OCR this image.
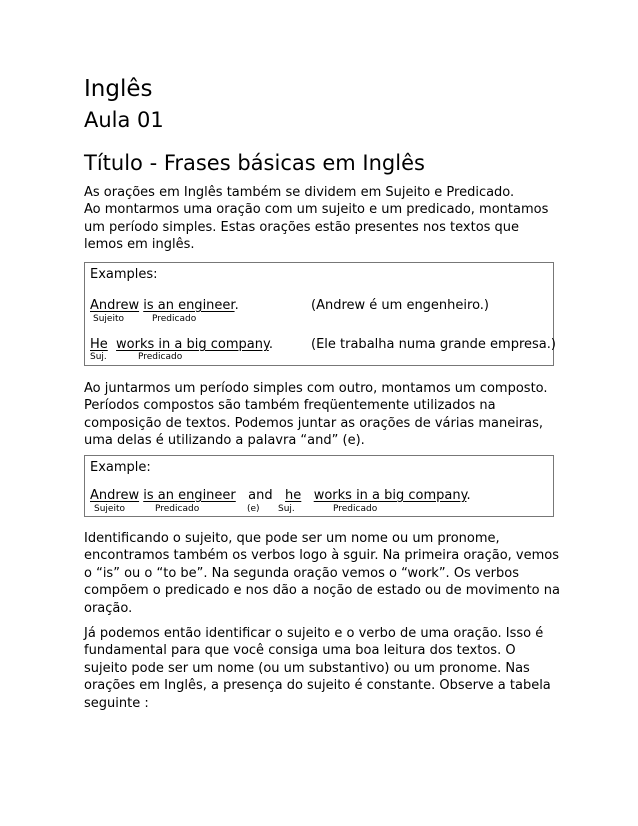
Inglês
Aula 01
Título - Frases básicas em Inglês

As orações em Inglês também se dividem em Sujeito e Predicado.

Ao montarmos uma oração com um sujeito e um predicado, montamos

um período simples. Estas orações estão presentes nos textos que

lemos em inglês.

Examples:
Andrew is an engineer.	(Andrew é um engenheiro.)
Sujeito	Predicado
He works in a big company.	(Ele trabalha numa grande empresa.)
Suj.	Predicado

Ao juntarmos um período simples com outro, montamos um composto.

Períodos compostos são também freqüentemente utilizados na

composição de textos. Podemos juntar as orações de várias maneiras,

uma delas é utilizando a palavra “and” (e).

Example:
Andrew is an engineer and he works in a big company.
Sujeito	Predicado	(e) Suj.	Predicado

Identificando o sujeito, que pode ser um nome ou um pronome,

encontramos também os verbos logo à sguir. Na primeira oração, vemos

o “is” ou o “to be”. Na segunda oração vemos o “work”. Os verbos

compõem o predicado e nos dão a noção de estado ou de movimento na

oração.

Já podemos então identificar o sujeito e o verbo de uma oração. Isso é

fundamental para que você consiga uma boa leitura dos textos. O

sujeito pode ser um nome (ou um substantivo) ou um pronome. Nas

orações em Inglês, a presença do sujeito é constante. Observe a tabela

seguinte :
